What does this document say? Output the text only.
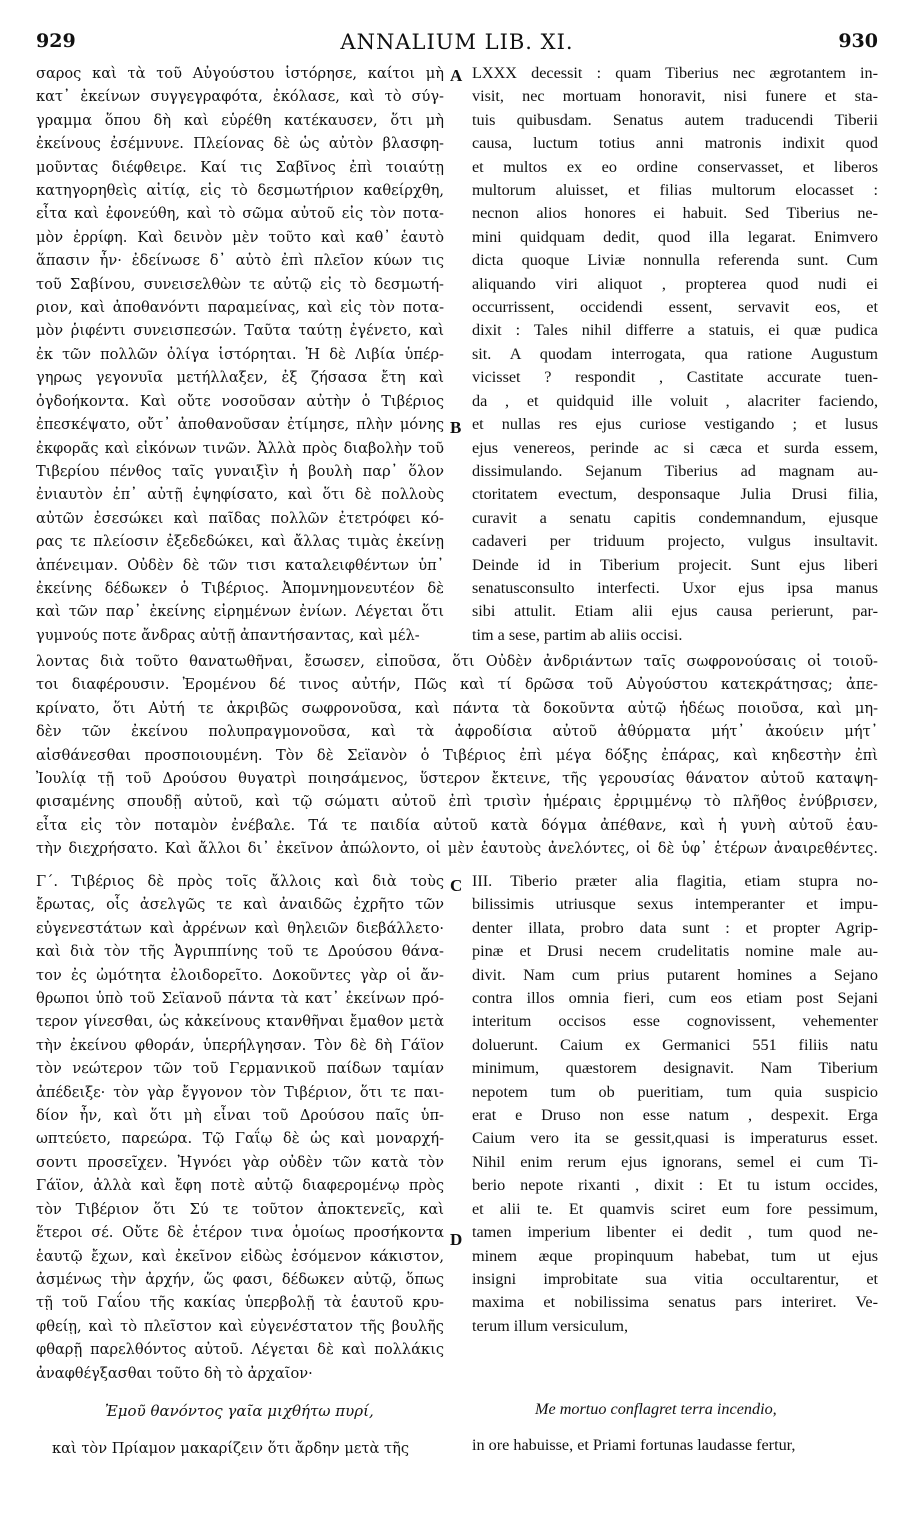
929	ANNALIUM LIB. XI.	930
σαρος καὶ τὰ τοῦ Αὐγούστου ἱστόρησε, καίτοι μὴ
κατ᾽ ἐκείνων συγγεγραφότα, ἐκόλασε, καὶ τὸ σύγ-
γραμμα ὅπου δὴ καὶ εὑρέθη κατέκαυσεν, ὅτι μὴ
ἐκείνους ἐσέμνυνε. Πλείονας δὲ ὡς αὐτὸν βλασφη-
μοῦντας διέφθειρε. Καί τις Σαβῖνος ἐπὶ τοιαύτῃ
κατηγορηθεὶς αἰτίᾳ, εἰς τὸ δεσμωτήριον καθείρχθη,
εἶτα καὶ ἐφονεύθη, καὶ τὸ σῶμα αὐτοῦ εἰς τὸν ποτα-
μὸν ἐρρίφη. Καὶ δεινὸν μὲν τοῦτο καὶ καθ᾽ ἑαυτὸ
ἅπασιν ἦν· ἐδείνωσε δ᾽ αὐτὸ ἐπὶ πλεῖον κύων τις
τοῦ Σαβίνου, συνεισελθὼν τε αὐτῷ εἰς τὸ δεσμωτή-
ριον, καὶ ἀποθανόντι παραμείνας, καὶ εἰς τὸν ποτα-
μὸν ῥιφέντι συνεισπεσών. Ταῦτα ταύτῃ ἐγένετο, καὶ
ἐκ τῶν πολλῶν ὀλίγα ἱστόρηται. Ἡ δὲ Λιβία ὑπέρ-
γηρως γεγονυῖα μετήλλαξεν, ἐξ ζήσασα ἔτη καὶ
ὀγδοήκοντα. Καὶ οὔτε νοσοῦσαν αὐτὴν ὁ Τιβέριος
ἐπεσκέψατο, οὔτ᾽ ἀποθανοῦσαν ἐτίμησε, πλὴν μόνης
ἐκφορᾶς καὶ εἰκόνων τινῶν. Ἀλλὰ πρὸς διαβολὴν τοῦ
Τιβερίου πένθος ταῖς γυναιξὶν ἡ βουλὴ παρ᾽ ὅλον
ἐνιαυτὸν ἐπ᾽ αὐτῇ ἐψηφίσατο, καὶ ὅτι δὲ πολλοὺς
αὐτῶν ἐσεσώκει καὶ παῖδας πολλῶν ἐτετρόφει κό-
ρας τε πλείοσιν ἐξεδεδώκει, καὶ ἄλλας τιμὰς ἐκείνῃ
ἀπένειμαν. Οὐδὲν δὲ τῶν τισι καταλειφθέντων ὑπ᾽
ἐκείνης δέδωκεν ὁ Τιβέριος. Ἀπομνημονευτέον δὲ
καὶ τῶν παρ᾽ ἐκείνης εἰρημένων ἐνίων. Λέγεται ὅτι
γυμνούς ποτε ἄνδρας αὐτῇ ἀπαντήσαντας, καὶ μέλ-
LXXX decessit : quam Tiberius nec ægrotantem in-
visit, nec mortuam honoravit, nisi funere et sta-
tuis quibusdam. Senatus autem traducendi Tiberii
causa, luctum totius anni matronis indixit quod
et multos ex eo ordine conservasset, et liberos
multorum aluisset, et filias multorum elocasset :
necnon alios honores ei habuit. Sed Tiberius ne-
mini quidquam dedit, quod illa legarat. Enimvero
dicta quoque Liviæ nonnulla referenda sunt. Cum
aliquando viri aliquot , propterea quod nudi ei
occurrissent, occidendi essent, servavit eos, et
dixit : Tales nihil differre a statuis, ei quæ pudica
sit. A quodam interrogata, qua ratione Augustum
vicisset ? respondit , Castitate accurate tuen-
da , et quidquid ille voluit , alacriter faciendo,
et nullas res ejus curiose vestigando ; et lusus
ejus venereos, perinde ac si cæca et surda essem,
dissimulando. Sejanum Tiberius ad magnam au-
ctoritatem evectum, desponsaque Julia Drusi filia,
curavit a senatu capitis condemnandum, ejusque
cadaveri per triduum projecto, vulgus insultavit.
Deinde id in Tiberium projecit. Sunt ejus liberi
senatusconsulto interfecti. Uxor ejus ipsa manus
sibi attulit. Etiam alii ejus causa perierunt, par-
tim a sese, partim ab aliis occisi.
λοντας διὰ τοῦτο θανατωθῆναι, ἔσωσεν, εἰποῦσα, ὅτι Οὐδὲν ἀνδριάντων ταῖς σωφρονούσαις οἱ τοιοῦ-
τοι διαφέρουσιν. Ἐρομένου δέ τινος αὐτήν, Πῶς καὶ τί δρῶσα τοῦ Αὐγούστου κατεκράτησας; ἀπε-
κρίνατο, ὅτι Αὐτή τε ἀκριβῶς σωφρονοῦσα, καὶ πάντα τὰ δοκοῦντα αὐτῷ ἡδέως ποιοῦσα, καὶ μη-
δὲν τῶν ἐκείνου πολυπραγμονοῦσα, καὶ τὰ ἀφροδίσια αὐτοῦ ἀθύρματα μήτ᾽ ἀκούειν μήτ᾽
αἰσθάνεσθαι προσποιουμένη. Τὸν δὲ Σεϊανὸν ὁ Τιβέριος ἐπὶ μέγα δόξης ἐπάρας, καὶ κηδεστὴν ἐπὶ
Ἰουλίᾳ τῇ τοῦ Δρούσου θυγατρὶ ποιησάμενος, ὕστερον ἔκτεινε, τῆς γερουσίας θάνατον αὐτοῦ καταψη-
φισαμένης σπουδῇ αὐτοῦ, καὶ τῷ σώματι αὐτοῦ ἐπὶ τρισὶν ἡμέραις ἐρριμμένῳ τὸ πλῆθος ἐνύβρισεν,
εἶτα εἰς τὸν ποταμὸν ἐνέβαλε. Τά τε παιδία αὐτοῦ κατὰ δόγμα ἀπέθανε, καὶ ἡ γυνὴ αὐτοῦ ἑαυ-
τὴν διεχρήσατο. Καὶ ἄλλοι δι᾽ ἐκεῖνον ἀπώλοντο, οἱ μὲν ἑαυτοὺς ἀνελόντες, οἱ δὲ ὑφ᾽ ἑτέρων ἀναιρεθέντες.
Γ΄. Τιβέριος δὲ πρὸς τοῖς ἄλλοις καὶ διὰ τοὺς
ἔρωτας, οἷς ἀσελγῶς τε καὶ ἀναιδῶς ἐχρῆτο τῶν
εὐγενεστάτων καὶ ἀρρένων καὶ θηλειῶν διεβάλλετο·
καὶ διὰ τὸν τῆς Ἀγριππίνης τοῦ τε Δρούσου θάνα-
τον ἐς ὠμότητα ἐλοιδορεῖτο. Δοκοῦντες γὰρ οἱ ἄν-
θρωποι ὑπὸ τοῦ Σεϊανοῦ πάντα τὰ κατ᾽ ἐκείνων πρό-
τερον γίνεσθαι, ὡς κἀκείνους κτανθῆναι ἔμαθον μετὰ
τὴν ἐκείνου φθοράν, ὑπερήλγησαν. Τὸν δὲ δὴ Γάϊον
τὸν νεώτερον τῶν τοῦ Γερμανικοῦ παίδων ταμίαν
ἀπέδειξε· τὸν γὰρ ἔγγονον τὸν Τιβέριον, ὅτι τε παι-
δίον ἦν, καὶ ὅτι μὴ εἶναι τοῦ Δρούσου παῖς ὑπ-
ωπτεύετο, παρεώρα. Τῷ Γαΐῳ δὲ ὡς καὶ μοναρχή-
σοντι προσεῖχεν. Ἠγνόει γὰρ οὐδὲν τῶν κατὰ τὸν
Γάϊον, ἀλλὰ καὶ ἔφη ποτὲ αὐτῷ διαφερομένῳ πρὸς
τὸν Τιβέριον ὅτι Σύ τε τοῦτον ἀποκτενεῖς, καὶ
ἕτεροι σέ. Οὔτε δὲ ἑτέρον τινα ὁμοίως προσήκοντα
ἑαυτῷ ἔχων, καὶ ἐκεῖνον εἰδὼς ἐσόμενον κάκιστον,
ἀσμένως τὴν ἀρχήν, ὥς φασι, δέδωκεν αὐτῷ, ὅπως
τῇ τοῦ Γαΐου τῆς κακίας ὑπερβολῇ τὰ ἑαυτοῦ κρυ-
φθείῃ, καὶ τὸ πλεῖστον καὶ εὐγενέστατον τῆς βουλῆς
φθαρῇ παρελθόντος αὐτοῦ. Λέγεται δὲ καὶ πολλάκις
ἀναφθέγξασθαι τοῦτο δὴ τὸ ἀρχαῖον·
III. Tiberio præter alia flagitia, etiam stupra no-
bilissimis utriusque sexus intemperanter et impu-
denter illata, probro data sunt : et propter Agrip-
pinæ et Drusi necem crudelitatis nomine male au-
divit. Nam cum prius putarent homines a Sejano
contra illos omnia fieri, cum eos etiam post Sejani
interitum occisos esse cognovissent, vehementer
doluerunt. Caium ex Germanici 551 filiis natu
minimum, quæstorem designavit. Nam Tiberium
nepotem tum ob pueritiam, tum quia suspicio
erat e Druso non esse natum , despexit. Erga
Caium vero ita se gessit,quasi is imperaturus esset.
Nihil enim rerum ejus ignorans, semel ei cum Ti-
berio nepote rixanti , dixit : Et tu istum occides,
et alii te. Et quamvis sciret eum fore pessimum,
tamen imperium libenter ei dedit , tum quod ne-
minem æque propinquum habebat, tum ut ejus
insigni improbitate sua vitia occultarentur, et
maxima et nobilissima senatus pars interiret. Ve-
terum illum versiculum,
A
B
C
D
Ἐμοῦ θανόντος γαῖα μιχθήτω πυρί,	Me mortuo conflagret terra incendio,
καὶ τὸν Πρίαμον μακαρίζειν ὅτι ἄρδην μετὰ τῆς	in ore habuisse, et Priami fortunas laudasse fertur,
